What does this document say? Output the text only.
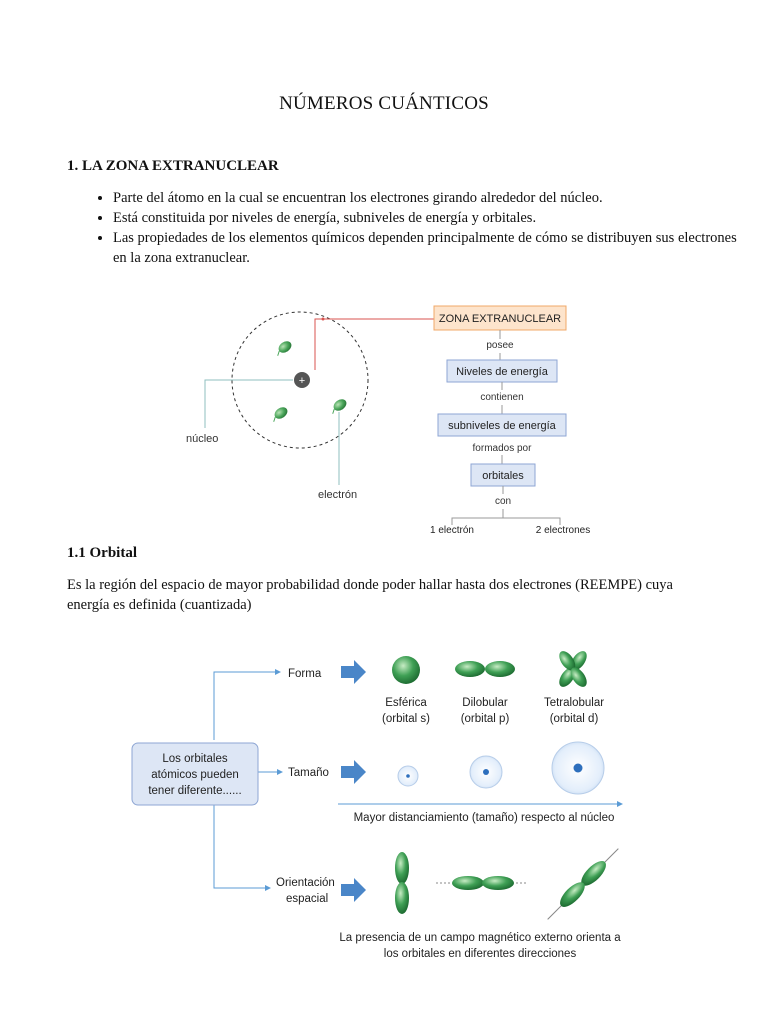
NÚMEROS CUÁNTICOS
1. LA ZONA EXTRANUCLEAR
• Parte del átomo en la cual se encuentran los electrones girando alrededor del núcleo.
• Está constituida por niveles de energía, subniveles de energía y orbitales.
• Las propiedades de los elementos químicos dependen principalmente de cómo se distribuyen sus electrones en la zona extranuclear.
+
núcleo
electrón
ZONA EXTRANUCLEAR
posee
Niveles de energía
contienen
subniveles de energía
formados por
orbitales
con
1 electrón	2 electrones
1.1 Orbital
Es la región del espacio de mayor probabilidad donde poder hallar hasta dos electrones (REEMPE) cuya energía es definida (cuantizada)
Los orbitales
atómicos pueden
tener diferente......
Forma
Tamaño
Orientación
espacial
Esférica
(orbital s)
Dilobular
(orbital p)
Tetralobular
(orbital d)
Mayor distanciamiento (tamaño) respecto al núcleo
La presencia de un campo magnético externo orienta a
los orbitales en diferentes direcciones
